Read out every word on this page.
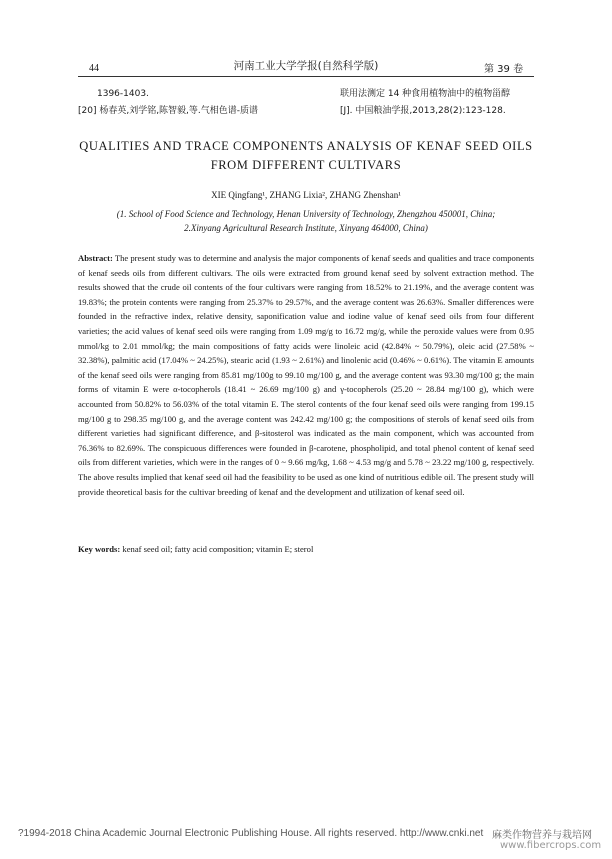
44	河南工业大学学报(自然科学版)	第 39 卷
1396-1403.
[20] 杨春英,刘学铭,陈智毅,等.气相色谱-质谱
联用法测定 14 种食用植物油中的植物甾醇
[J]. 中国粮油学报,2013,28(2):123-128.
QUALITIES AND TRACE COMPONENTS ANALYSIS OF KENAF SEED OILS
FROM DIFFERENT CULTIVARS
XIE Qingfang¹, ZHANG Lixia², ZHANG Zhenshan¹
(1. School of Food Science and Technology, Henan University of Technology, Zhengzhou 450001, China;
2.Xinyang Agricultural Research Institute, Xinyang 464000, China)
Abstract: The present study was to determine and analysis the major components of kenaf seeds and qualities and trace components of kenaf seeds oils from different cultivars. The oils were extracted from ground kenaf seed by solvent extraction method. The results showed that the crude oil contents of the four cultivars were ranging from 18.52% to 21.19%, and the average content was 19.83%; the protein contents were ranging from 25.37% to 29.57%, and the average content was 26.63%. Smaller differences were founded in the refractive index, relative density, saponification value and iodine value of kenaf seed oils from four different varieties; the acid values of kenaf seed oils were ranging from 1.09 mg/g to 16.72 mg/g, while the peroxide values were from 0.95 mmol/kg to 2.01 mmol/kg; the main compositions of fatty acids were linoleic acid (42.84% ~ 50.79%), oleic acid (27.58% ~ 32.38%), palmitic acid (17.04% ~ 24.25%), stearic acid (1.93 ~ 2.61%) and linolenic acid (0.46% ~ 0.61%). The vitamin E amounts of the kenaf seed oils were ranging from 85.81 mg/100g to 99.10 mg/100 g, and the average content was 93.30 mg/100 g; the main forms of vitamin E were α-tocopherols (18.41 ~ 26.69 mg/100 g) and γ-tocopherols (25.20 ~ 28.84 mg/100 g), which were accounted from 50.82% to 56.03% of the total vitamin E. The sterol contents of the four kenaf seed oils were ranging from 199.15 mg/100 g to 298.35 mg/100 g, and the average content was 242.42 mg/100 g; the compositions of sterols of kenaf seed oils from different varieties had significant difference, and β-sitosterol was indicated as the main component, which was accounted from 76.36% to 82.69%. The conspicuous differences were founded in β-carotene, phospholipid, and total phenol content of kenaf seed oils from different varieties, which were in the ranges of 0 ~ 9.66 mg/kg, 1.68 ~ 4.53 mg/g and 5.78 ~ 23.22 mg/100 g, respectively. The above results implied that kenaf seed oil had the feasibility to be used as one kind of nutritious edible oil. The present study will provide theoretical basis for the cultivar breeding of kenaf and the development and utilization of kenaf seed oil.
Key words: kenaf seed oil; fatty acid composition; vitamin E; sterol
?1994-2018 China Academic Journal Electronic Publishing House. All rights reserved. http://www.cnki.net 麻类作物营养与栽培网
www.fibercrops.com
